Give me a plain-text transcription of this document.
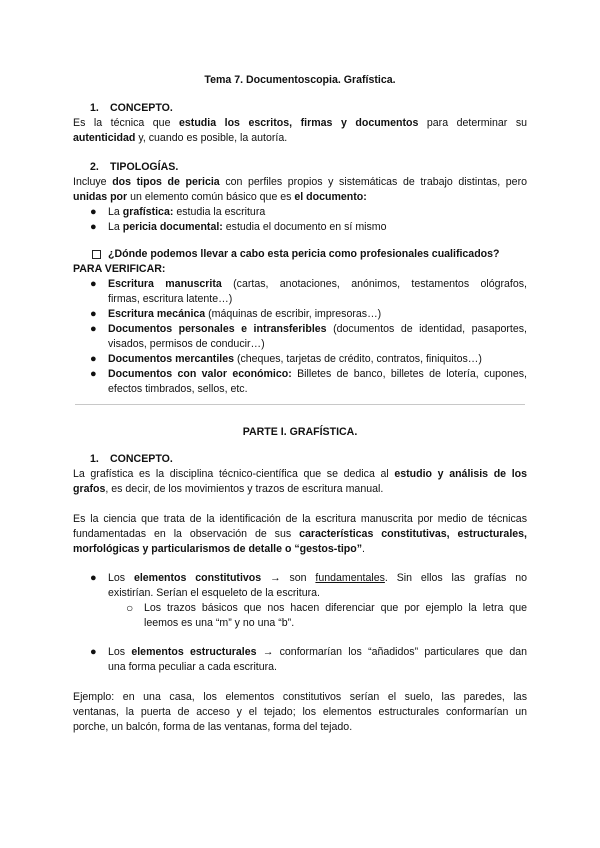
Tema 7. Documentoscopia. Grafística.
1. CONCEPTO.
Es la técnica que estudia los escritos, firmas y documentos para determinar su
autenticidad y, cuando es posible, la autoría.
2. TIPOLOGÍAS.
Incluye dos tipos de pericia con perfiles propios y sistemáticas de trabajo distintas, pero
unidas por un elemento común básico que es el documento:
● La grafística: estudia la escritura
● La pericia documental: estudia el documento en sí mismo
¿Dónde podemos llevar a cabo esta pericia como profesionales cualificados?
PARA VERIFICAR:
● Escritura manuscrita (cartas, anotaciones, anónimos, testamentos ológrafos,
firmas, escritura latente…)
● Escritura mecánica (máquinas de escribir, impresoras…)
● Documentos personales e intransferibles (documentos de identidad, pasaportes,
visados, permisos de conducir…)
● Documentos mercantiles (cheques, tarjetas de crédito, contratos, finiquitos…)
● Documentos con valor económico: Billetes de banco, billetes de lotería, cupones,
efectos timbrados, sellos, etc.
PARTE I. GRAFÍSTICA.
1. CONCEPTO.
La grafística es la disciplina técnico-científica que se dedica al estudio y análisis de los
grafos, es decir, de los movimientos y trazos de escritura manual.
Es la ciencia que trata de la identificación de la escritura manuscrita por medio de técnicas
fundamentadas en la observación de sus características constitutivas, estructurales,
morfológicas y particularismos de detalle o “gestos-tipo”.
● Los elementos constitutivos → son fundamentales. Sin ellos las grafías no
existirían. Serían el esqueleto de la escritura.
○ Los trazos básicos que nos hacen diferenciar que por ejemplo la letra que
leemos es una “m” y no una “b”.
● Los elementos estructurales → conformarían los “añadidos” particulares que dan
una forma peculiar a cada escritura.
Ejemplo: en una casa, los elementos constitutivos serían el suelo, las paredes, las
ventanas, la puerta de acceso y el tejado; los elementos estructurales conformarían un
porche, un balcón, forma de las ventanas, forma del tejado.
